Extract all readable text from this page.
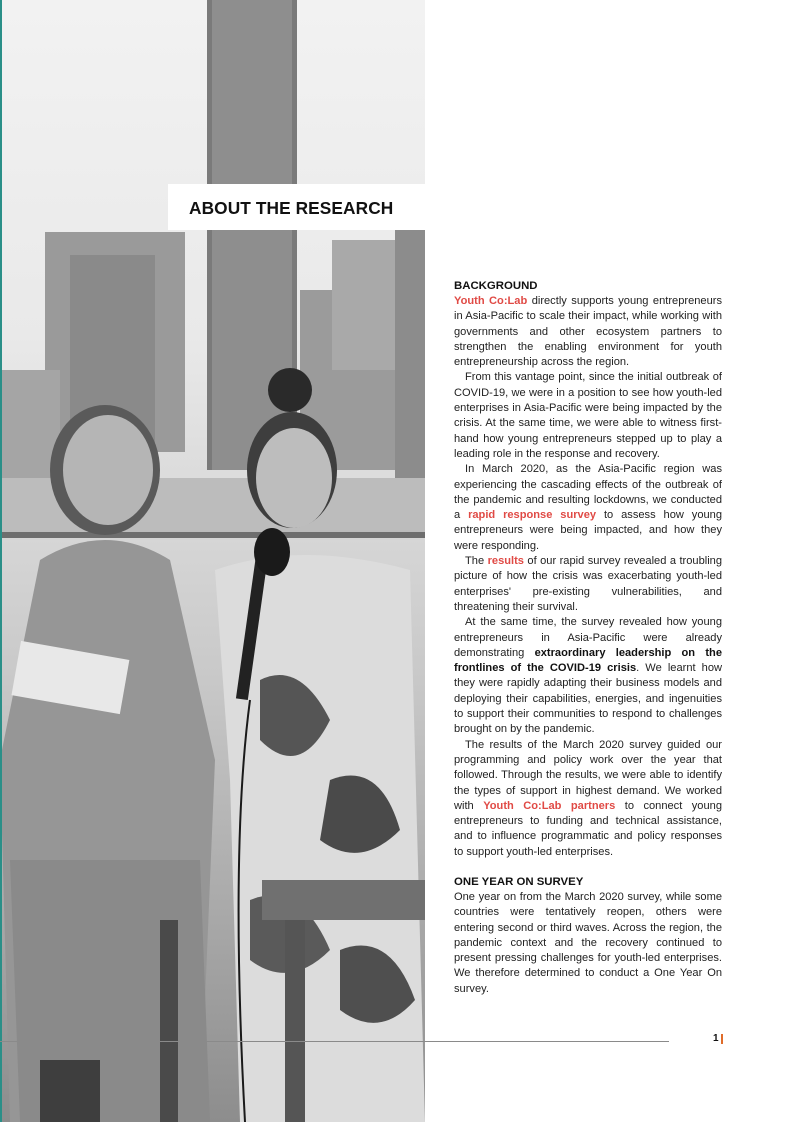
ABOUT THE RESEARCH
BACKGROUND

Youth Co:Lab directly supports young entrepreneurs in Asia-Pacific to scale their impact, while working with governments and other ecosystem partners to strengthen the enabling environment for youth entrepreneurship across the region.

From this vantage point, since the initial outbreak of COVID-19, we were in a position to see how youth-led enterprises in Asia-Pacific were being impacted by the crisis. At the same time, we were able to witness first-hand how young entrepreneurs stepped up to play a leading role in the response and recovery.

In March 2020, as the Asia-Pacific region was experiencing the cascading effects of the outbreak of the pandemic and resulting lockdowns, we conducted a rapid response survey to assess how young entrepreneurs were being impacted, and how they were responding.

The results of our rapid survey revealed a troubling picture of how the crisis was exacerbating youth-led enterprises' pre-existing vulnerabilities, and threatening their survival.

At the same time, the survey revealed how young entrepreneurs in Asia-Pacific were already demonstrating extraordinary leadership on the frontlines of the COVID-19 crisis. We learnt how they were rapidly adapting their business models and deploying their capabilities, energies, and ingenuities to support their communities to respond to challenges brought on by the pandemic.

The results of the March 2020 survey guided our programming and policy work over the year that followed. Through the results, we were able to identify the types of support in highest demand. We worked with Youth Co:Lab partners to connect young entrepreneurs to funding and technical assistance, and to influence programmatic and policy responses to support youth-led enterprises.

ONE YEAR ON SURVEY

One year on from the March 2020 survey, while some countries were tentatively reopen, others were entering second or third waves. Across the region, the pandemic context and the recovery continued to present pressing challenges for youth-led enterprises. We therefore determined to conduct a One Year On survey.

1
